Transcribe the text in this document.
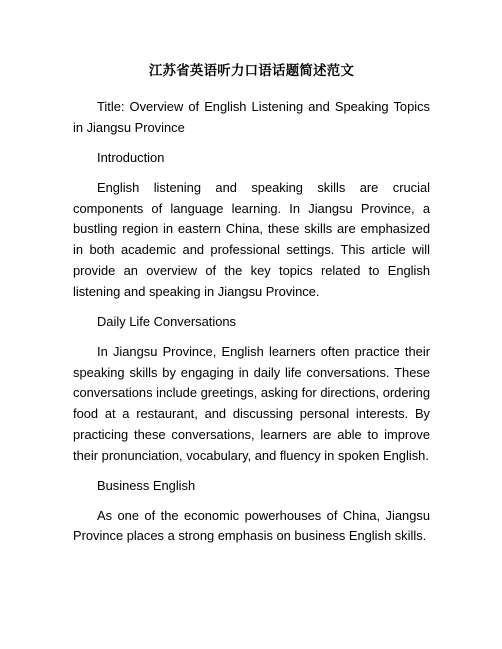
江苏省英语听力口语话题简述范文

Title: Overview of English Listening and Speaking Topics in Jiangsu Province

Introduction

English listening and speaking skills are crucial components of language learning. In Jiangsu Province, a bustling region in eastern China, these skills are emphasized in both academic and professional settings. This article will provide an overview of the key topics related to English listening and speaking in Jiangsu Province.

Daily Life Conversations

In Jiangsu Province, English learners often practice their speaking skills by engaging in daily life conversations. These conversations include greetings, asking for directions, ordering food at a restaurant, and discussing personal interests. By practicing these conversations, learners are able to improve their pronunciation, vocabulary, and fluency in spoken English.

Business English

As one of the economic powerhouses of China, Jiangsu Province places a strong emphasis on business English skills.
